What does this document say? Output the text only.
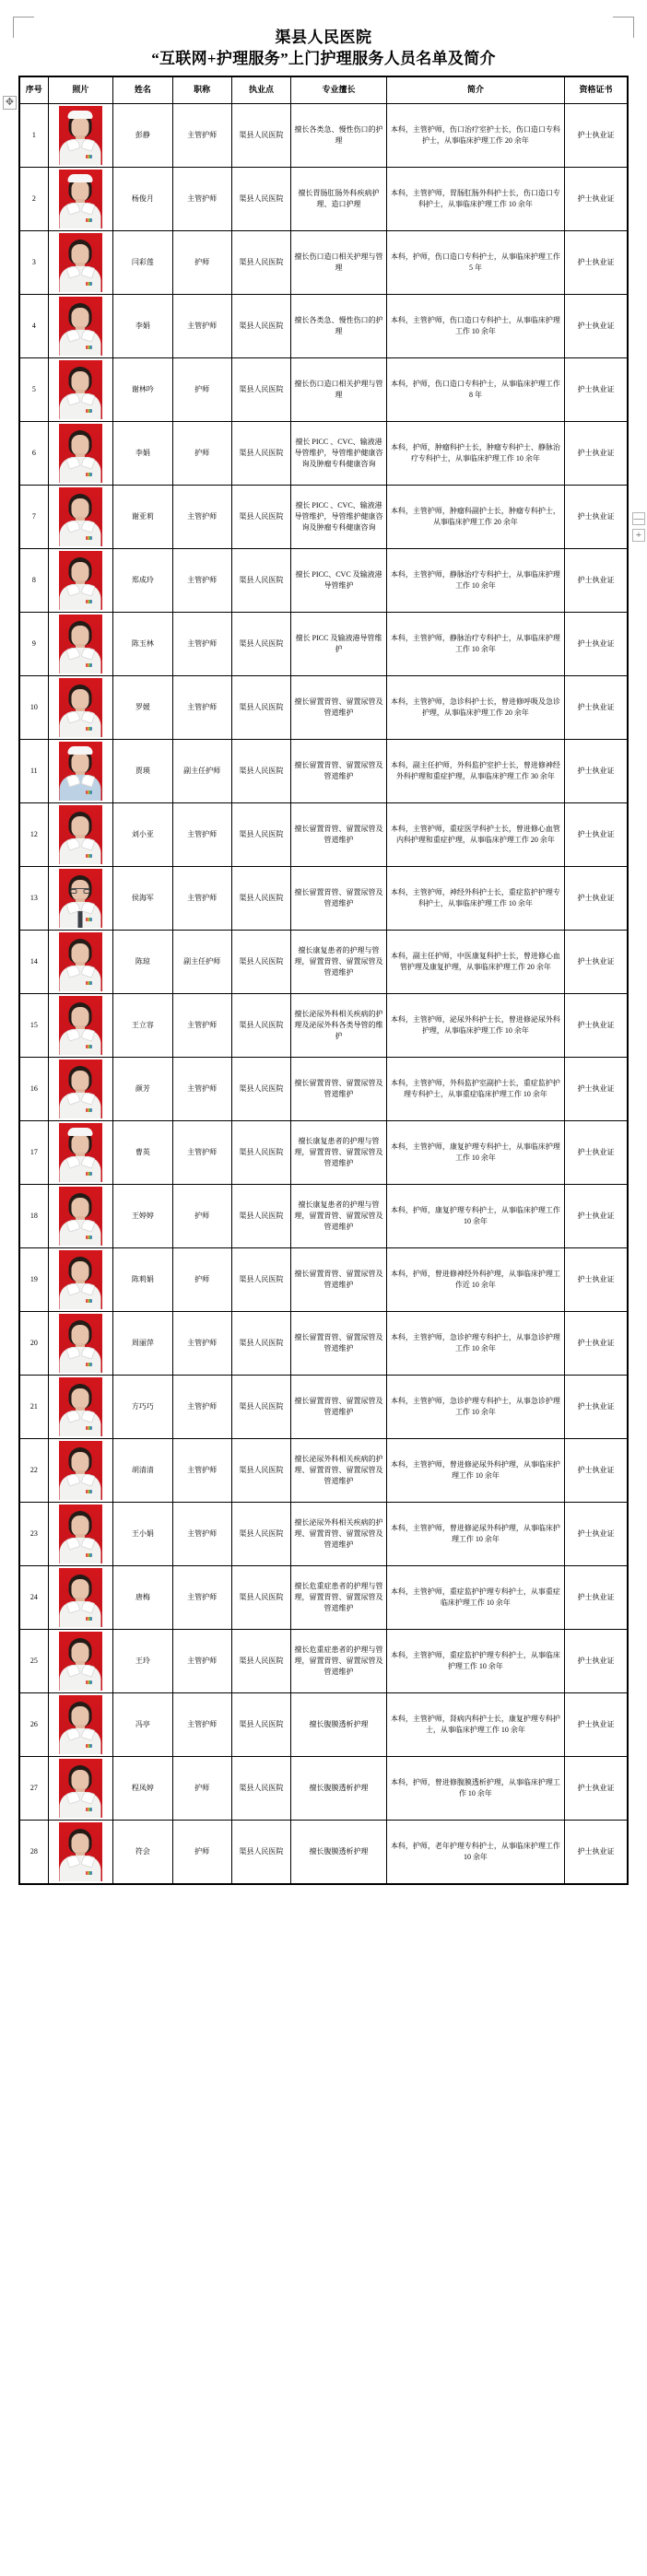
✥
—
+
渠县人民医院
“互联网+护理服务”上门护理服务人员名单及简介
序号	照片	姓名	职称	执业点	专业擅长	简介	资格证书
1		彭静	主管护师	渠县人民医院	擅长各类急、慢性伤口的护理	本科，主管护师，伤口治疗室护士长，伤口造口专科护士，从事临床护理工作 20 余年	护士执业证
2		杨俊月	主管护师	渠县人民医院	擅长胃肠肛肠外科疾病护理、造口护理	本科，主管护师，胃肠肛肠外科护士长，伤口造口专科护士，从事临床护理工作 10 余年	护士执业证
3		闫彩莲	护师	渠县人民医院	擅长伤口造口相关护理与管理	本科，护师，伤口造口专科护士，从事临床护理工作 5 年	护士执业证
4		李娟	主管护师	渠县人民医院	擅长各类急、慢性伤口的护理	本科，主管护师，伤口造口专科护士，从事临床护理工作 10 余年	护士执业证
5		谢林吟	护师	渠县人民医院	擅长伤口造口相关护理与管理	本科，护师，伤口造口专科护士，从事临床护理工作 8 年	护士执业证
6		李娟	护师	渠县人民医院	擅长 PICC 、CVC、输液港导管维护，导管维护健康咨询及肿瘤专科健康咨询	本科，护师，肿瘤科护士长，肿瘤专科护士、静脉治疗专科护士，从事临床护理工作 10 余年	护士执业证
7		谢亚莉	主管护师	渠县人民医院	擅长 PICC 、CVC、输液港导管维护，导管维护健康咨询及肿瘤专科健康咨询	本科，主管护师，肿瘤科副护士长，肿瘤专科护士，从事临床护理工作 20 余年	护士执业证
8		郑成玲	主管护师	渠县人民医院	擅长 PICC、CVC 及输液港导管维护	本科，主管护师，静脉治疗专科护士，从事临床护理工作 10 余年	护士执业证
9		陈玉林	主管护师	渠县人民医院	擅长 PICC 及输液港导管维护	本科，主管护师，静脉治疗专科护士，从事临床护理工作 10 余年	护士执业证
10		罗媛	主管护师	渠县人民医院	擅长留置胃管、留置尿管及管道维护	本科，主管护师，急诊科护士长，曾进修呼吸及急诊护理，从事临床护理工作 20 余年	护士执业证
11		贾瑛	副主任护师	渠县人民医院	擅长留置胃管、留置尿管及管道维护	本科，副主任护师，外科监护室护士长，曾进修神经外科护理和重症护理，从事临床护理工作 30 余年	护士执业证
12		刘小亚	主管护师	渠县人民医院	擅长留置胃管、留置尿管及管道维护	本科，主管护师，重症医学科护士长，曾进修心血管内科护理和重症护理，从事临床护理工作 20 余年	护士执业证
13		侯海军	主管护师	渠县人民医院	擅长留置胃管、留置尿管及管道维护	本科，主管护师，神经外科护士长，重症监护护理专科护士，从事临床护理工作 10 余年	护士执业证
14		陈琼	副主任护师	渠县人民医院	擅长康复患者的护理与管理，留置胃管、留置尿管及管道维护	本科，副主任护师，中医康复科护士长，曾进修心血管护理及康复护理，从事临床护理工作 20 余年	护士执业证
15		王立容	主管护师	渠县人民医院	擅长泌尿外科相关疾病的护理及泌尿外科各类导管的维护	本科，主管护师，泌尿外科护士长，曾进修泌尿外科护理，从事临床护理工作 10 余年	护士执业证
16		颜芳	主管护师	渠县人民医院	擅长留置胃管、留置尿管及管道维护	本科，主管护师，外科监护室副护士长，重症监护护理专科护士，从事重症临床护理工作 10 余年	护士执业证
17		曹英	主管护师	渠县人民医院	擅长康复患者的护理与管理，留置胃管、留置尿管及管道维护	本科，主管护师，康复护理专科护士，从事临床护理工作 10 余年	护士执业证
18		王婷婷	护师	渠县人民医院	擅长康复患者的护理与管理，留置胃管、留置尿管及管道维护	本科，护师，康复护理专科护士，从事临床护理工作 10 余年	护士执业证
19		陈莉娟	护师	渠县人民医院	擅长留置胃管、留置尿管及管道维护	本科，护师，曾进修神经外科护理，从事临床护理工作近 10 余年	护士执业证
20		周丽萍	主管护师	渠县人民医院	擅长留置胃管、留置尿管及管道维护	本科，主管护师，急诊护理专科护士，从事急诊护理工作 10 余年	护士执业证
21		方巧巧	主管护师	渠县人民医院	擅长留置胃管、留置尿管及管道维护	本科，主管护师，急诊护理专科护士，从事急诊护理工作 10 余年	护士执业证
22		胡清清	主管护师	渠县人民医院	擅长泌尿外科相关疾病的护理、留置胃管、留置尿管及管道维护	本科，主管护师，曾进修泌尿外科护理，从事临床护理工作 10 余年	护士执业证
23		王小娟	主管护师	渠县人民医院	擅长泌尿外科相关疾病的护理、留置胃管、留置尿管及管道维护	本科，主管护师，曾进修泌尿外科护理，从事临床护理工作 10 余年	护士执业证
24		唐梅	主管护师	渠县人民医院	擅长危重症患者的护理与管理，留置胃管、留置尿管及管道维护	本科，主管护师，重症监护护理专科护士，从事重症临床护理工作 10 余年	护士执业证
25		王玲	主管护师	渠县人民医院	擅长危重症患者的护理与管理，留置胃管、留置尿管及管道维护	本科，主管护师，重症监护护理专科护士，从事临床护理工作 10 余年	护士执业证
26		冯亭	主管护师	渠县人民医院	擅长腹膜透析护理	本科，主管护师，肾病内科护士长，康复护理专科护士，从事临床护理工作 10 余年	护士执业证
27		程凤婷	护师	渠县人民医院	擅长腹膜透析护理	本科，护师，曾进修腹膜透析护理，从事临床护理工作 10 余年	护士执业证
28		符会	护师	渠县人民医院	擅长腹膜透析护理	本科，护师，老年护理专科护士，从事临床护理工作 10 余年	护士执业证
